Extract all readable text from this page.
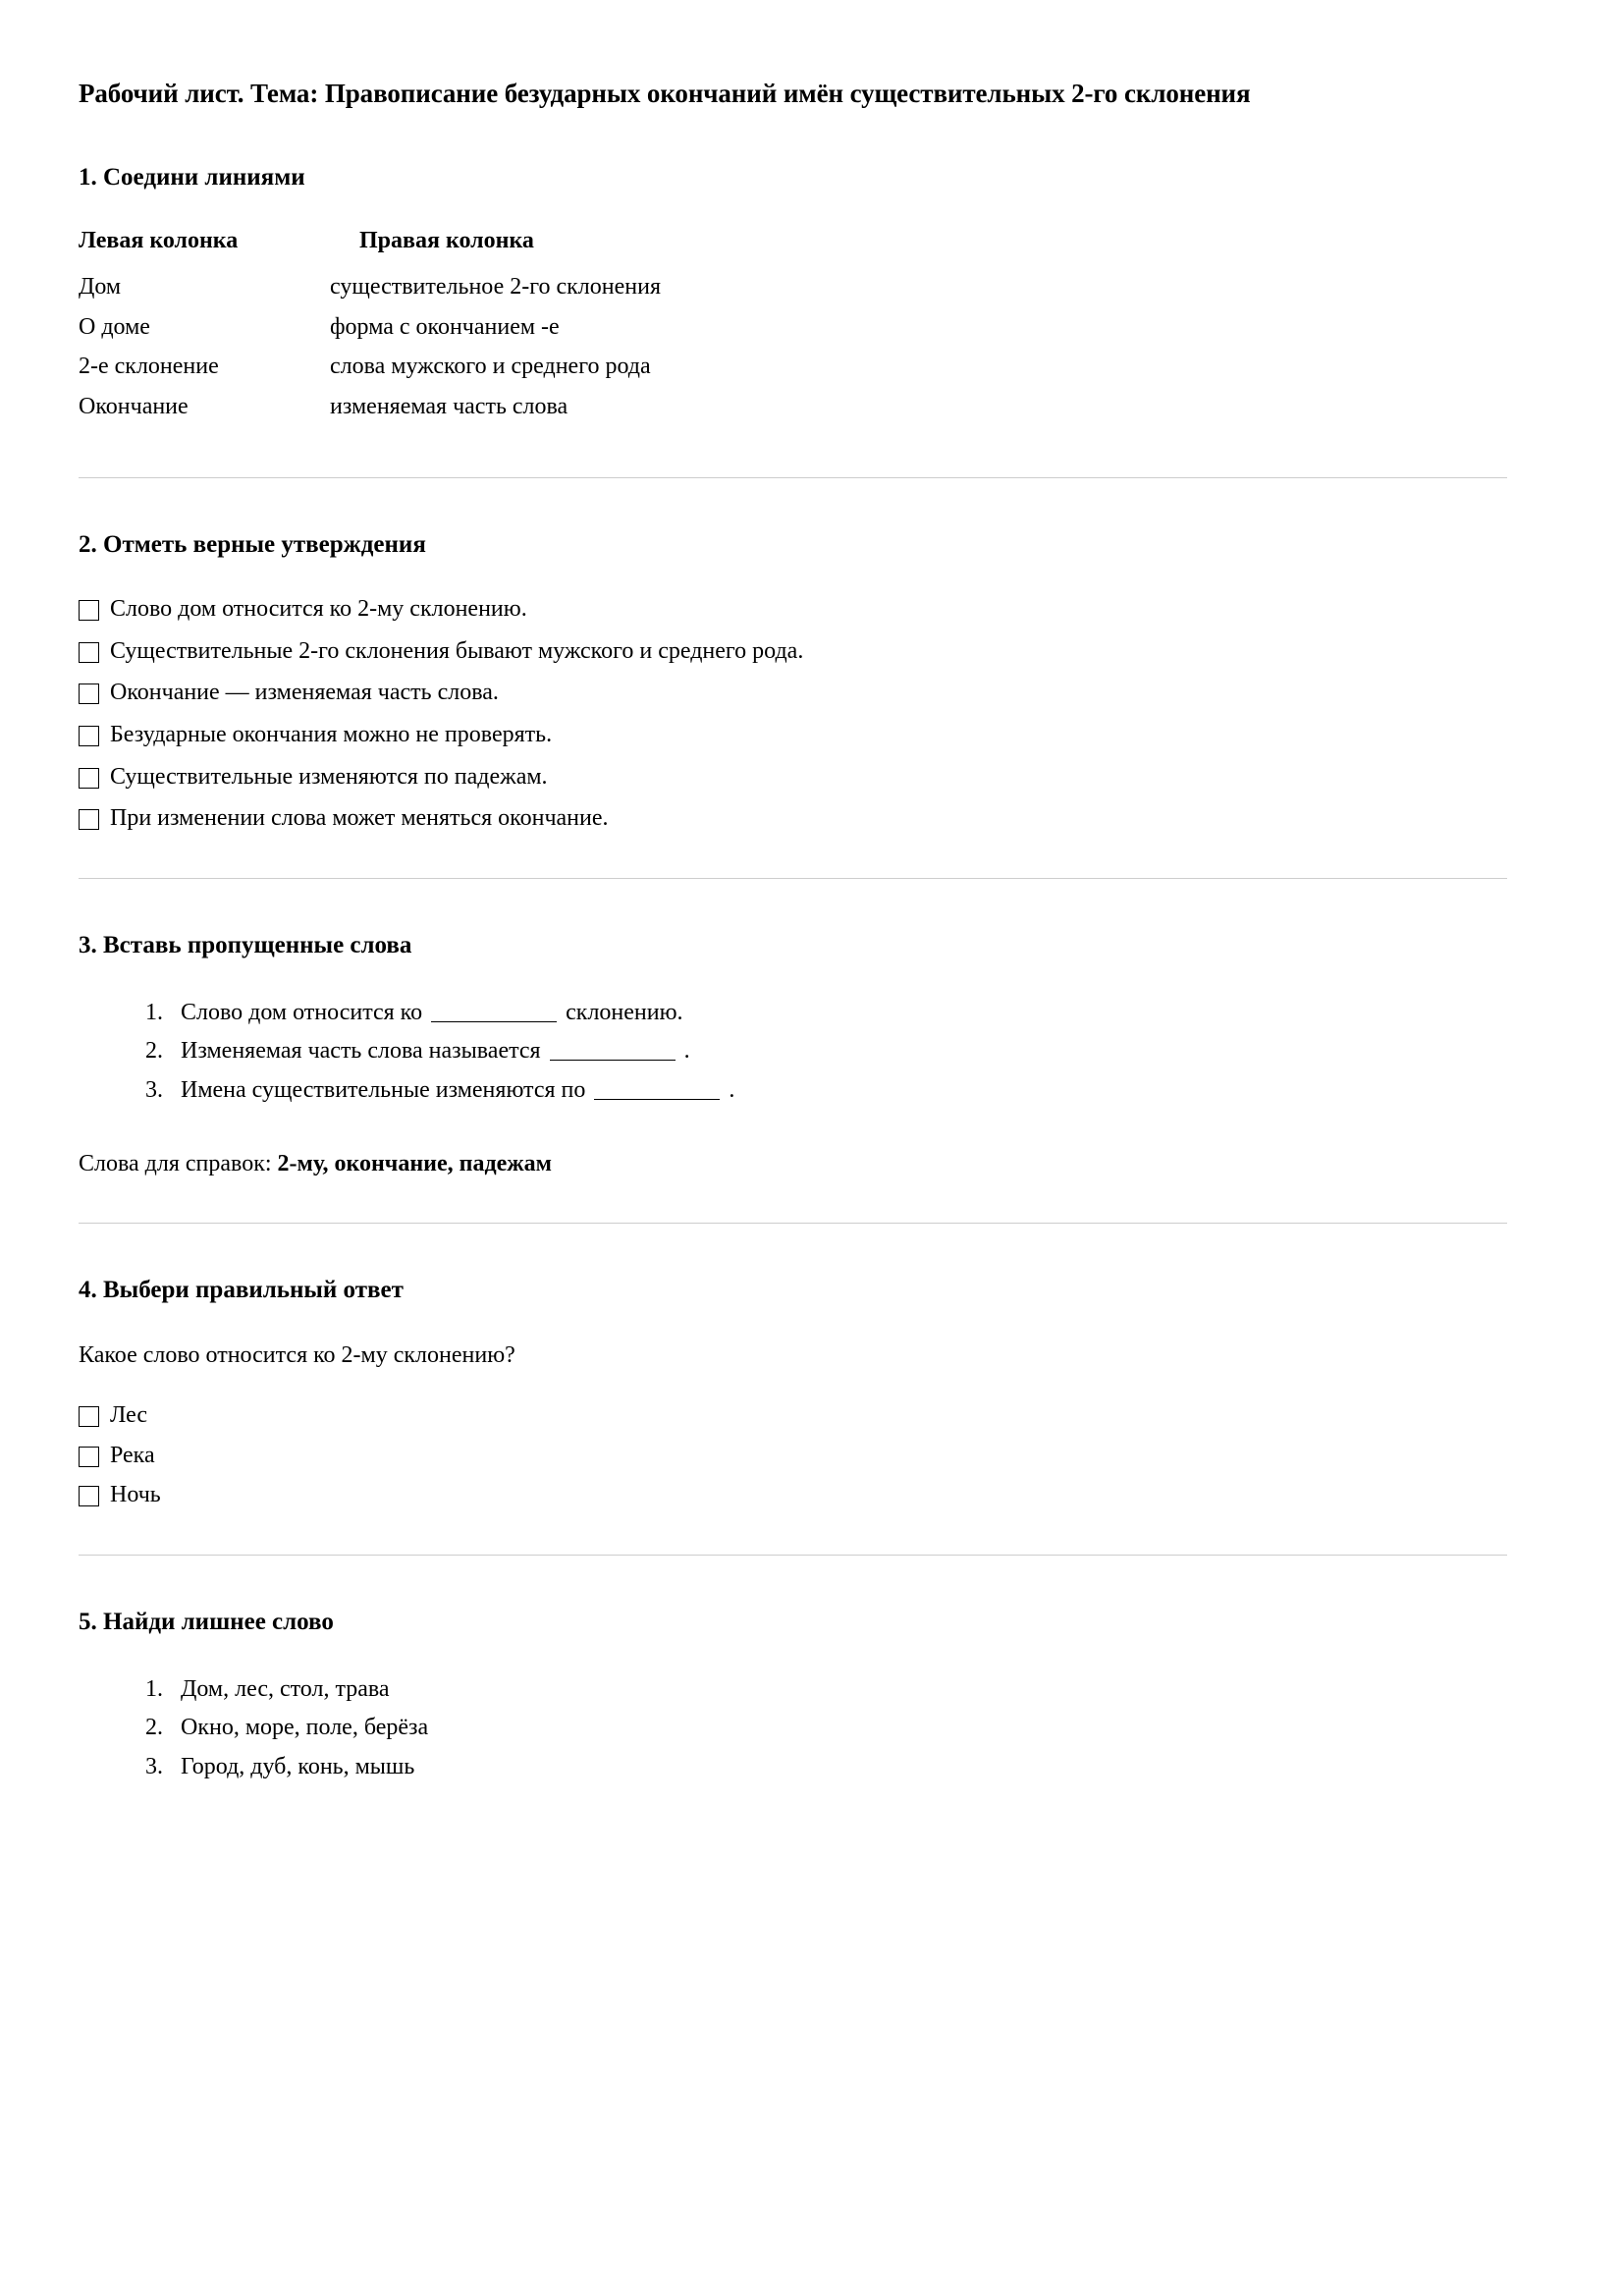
Рабочий лист. Тема: Правописание безударных окончаний имён существительных 2-го склонения
1. Соедини линиями
Левая колонка	Правая колонка
Дом	существительное 2-го склонения
О доме	форма с окончанием -е
2-е склонение	слова мужского и среднего рода
Окончание	изменяемая часть слова
2. Отметь верные утверждения
Слово дом относится ко 2-му склонению.
Существительные 2-го склонения бывают мужского и среднего рода.
Окончание — изменяемая часть слова.
Безударные окончания можно не проверять.
Существительные изменяются по падежам.
При изменении слова может меняться окончание.
3. Вставь пропущенные слова
1. Слово дом относится ко	склонению.
2. Изменяемая часть слова называется	.
3. Имена существительные изменяются по	.

Слова для справок: 2-му, окончание, падежам

4. Выбери правильный ответ

Какое слово относится ко 2-му склонению?

Лес
Река
Ночь
5. Найди лишнее слово
1. Дом, лес, стол, трава
2. Окно, море, поле, берёза
3. Город, дуб, конь, мышь
